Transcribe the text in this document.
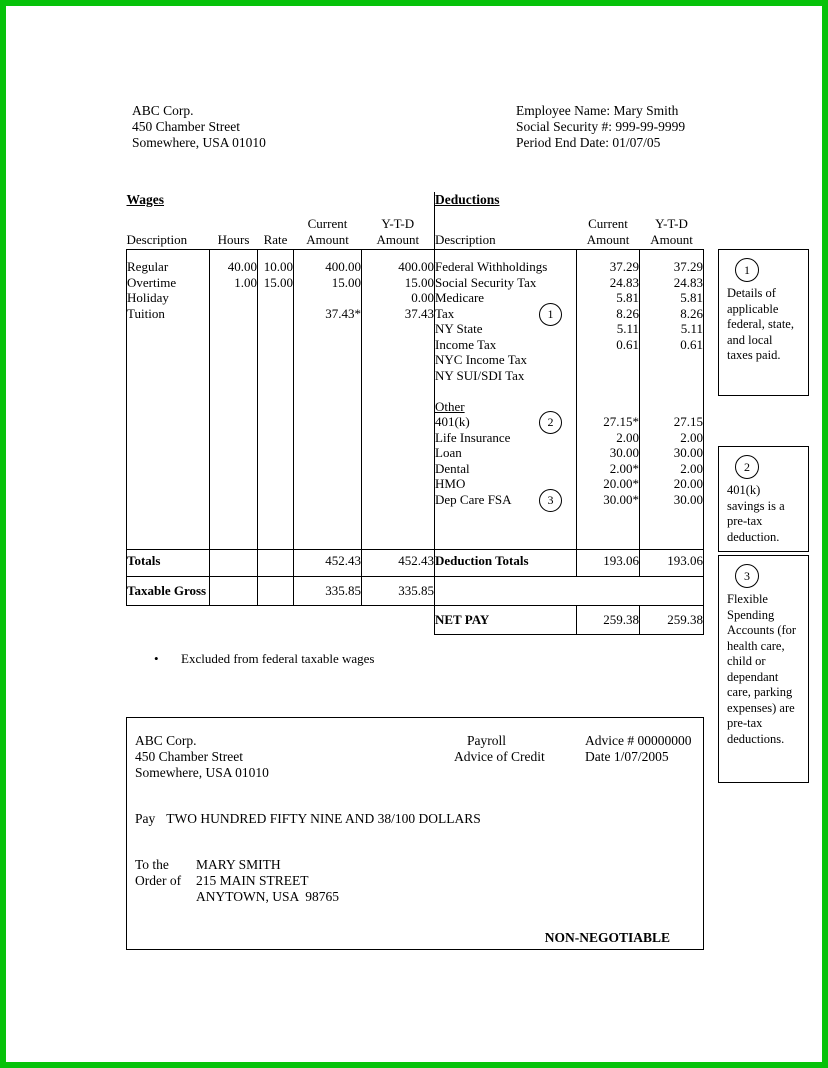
ABC Corp.
450 Chamber Street
Somewhere, USA 01010
Employee Name: Mary Smith
Social Security #: 999-99-9999
Period End Date: 01/07/05
Wages					Deductions		
			Current	Y-T-D		Current	Y-T-D
Description	Hours	Rate	Amount	Amount	Description	Amount	Amount

Regular	40.00	10.00	400.00	400.00	Federal Withholdings	37.29	37.29
Overtime	1.00	15.00	15.00	15.00	Social Security Tax	24.83	24.83
Holiday				0.00	Medicare	5.81	5.81
Tuition			37.43*	37.43	Tax 1	8.26	8.26
					NY State	5.11	5.11
					Income Tax	0.61	0.61
					NYC Income Tax		
					NY SUI/SDI Tax		

					Other		
					401(k) 2	27.15*	27.15
					Life Insurance	2.00	2.00
					Loan	30.00	30.00
					Dental	2.00*	2.00
					HMO	20.00*	20.00
					Dep Care FSA 3	30.00*	30.00

Totals			452.43	452.43	Deduction Totals	193.06	193.06
Taxable Gross			335.85	335.85			
					NET PAY	259.38	259.38
• Excluded from federal taxable wages
1
Details of applicable federal, state, and local taxes paid.
2
401(k) savings is a pre-tax deduction.
3
Flexible Spending Accounts (for health care, child or dependant care, parking expenses) are pre-tax deductions.
ABC Corp.
450 Chamber Street
Somewhere, USA 01010
Payroll
Advice of Credit
Advice # 00000000
Date 1/07/2005
Pay TWO HUNDRED FIFTY NINE AND 38/100 DOLLARS
To the
Order of
MARY SMITH
215 MAIN STREET
ANYTOWN, USA  98765
NON-NEGOTIABLE
